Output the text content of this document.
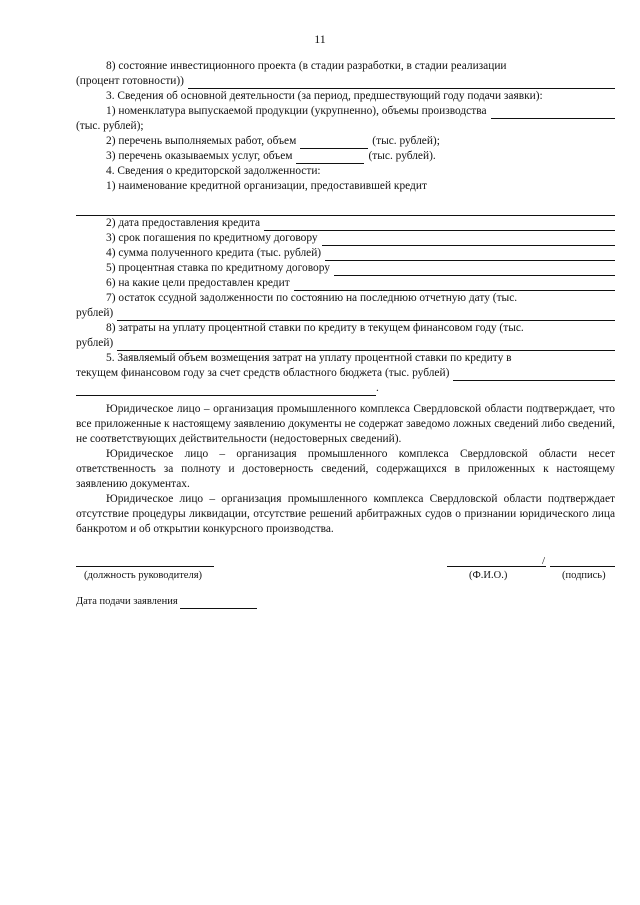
11
8) состояние инвестиционного проекта (в стадии разработки, в стадии реализации
(процент готовности))
3. Сведения об основной деятельности (за период, предшествующий году подачи заявки):
1) номенклатура выпускаемой продукции (укрупненно), объемы производства
(тыс. рублей);
2) перечень выполняемых работ, объем	(тыс. рублей);
3) перечень оказываемых услуг, объем	(тыс. рублей).
4. Сведения о кредиторской задолженности:
1) наименование кредитной организации, предоставившей кредит
2) дата предоставления кредита
3) срок погашения по кредитному договору
4) сумма полученного кредита (тыс. рублей)
5) процентная ставка по кредитному договору
6) на какие цели предоставлен кредит
7) остаток ссудной задолженности по состоянию на последнюю отчетную дату (тыс.
рублей)
8) затраты на уплату процентной ставки по кредиту в текущем финансовом году (тыс.
рублей)
5. Заявляемый объем возмещения затрат на уплату процентной ставки по кредиту в
текущем финансовом году за счет средств областного бюджета (тыс. рублей)
.

Юридическое лицо – организация промышленного комплекса Свердловской области подтверждает, что все приложенные к настоящему заявлению документы не содержат заведомо ложных сведений либо сведений, не соответствующих действительности (недостоверных сведений).

Юридическое лицо – организация промышленного комплекса Свердловской области несет ответственность за полноту и достоверность сведений, содержащихся в приложенных к настоящему заявлению документах.

Юридическое лицо – организация промышленного комплекса Свердловской области подтверждает отсутствие процедуры ликвидации, отсутствие решений арбитражных судов о признании юридического лица банкротом и об открытии конкурсного производства.

/
(должность руководителя)	(Ф.И.О.)	(подпись)
Дата подачи заявления
